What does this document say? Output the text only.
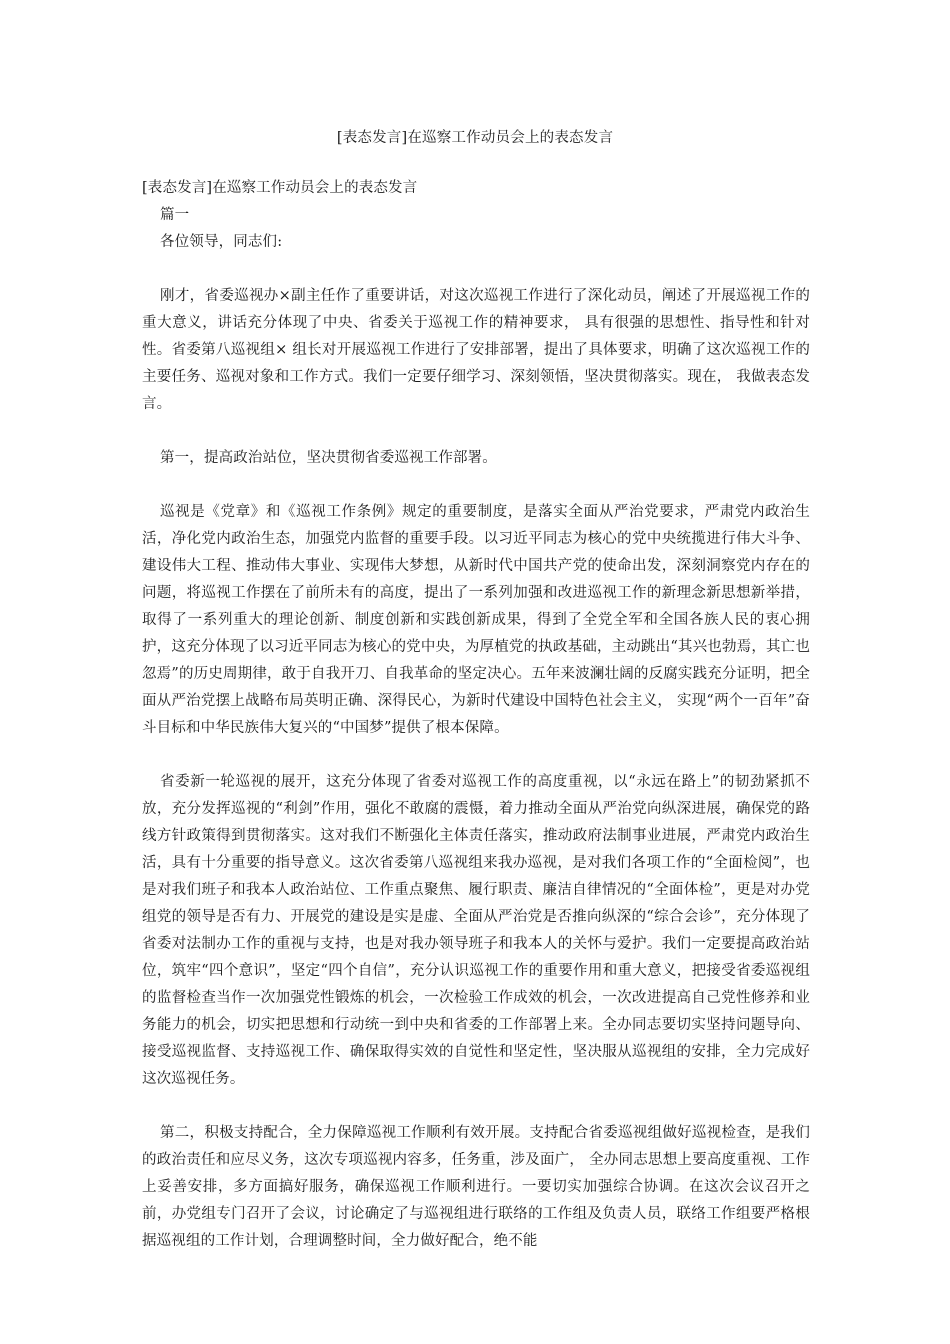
[表态发言]在巡察工作动员会上的表态发言

[表态发言]在巡察工作动员会上的表态发言

篇一

各位领导，同志们:

刚才，省委巡视办×副主任作了重要讲话，对这次巡视工作进行了深化动员，阐述了开展巡视工作的重大意义，讲话充分体现了中央、省委关于巡视工作的精神要求， 具有很强的思想性、指导性和针对性。省委第八巡视组× 组长对开展巡视工作进行了安排部署，提出了具体要求，明确了这次巡视工作的主要任务、巡视对象和工作方式。我们一定要仔细学习、深刻领悟，坚决贯彻落实。现在， 我做表态发言。

第一，提高政治站位，坚决贯彻省委巡视工作部署。

巡视是《党章》和《巡视工作条例》规定的重要制度，是落实全面从严治党要求，严肃党内政治生活，净化党内政治生态，加强党内监督的重要手段。以习近平同志为核心的党中央统揽进行伟大斗争、建设伟大工程、推动伟大事业、实现伟大梦想，从新时代中国共产党的使命出发，深刻洞察党内存在的问题，将巡视工作摆在了前所未有的高度，提出了一系列加强和改进巡视工作的新理念新思想新举措，取得了一系列重大的理论创新、制度创新和实践创新成果，得到了全党全军和全国各族人民的衷心拥护，这充分体现了以习近平同志为核心的党中央，为厚植党的执政基础，主动跳出“其兴也勃焉，其亡也忽焉”的历史周期律，敢于自我开刀、自我革命的坚定决心。五年来波澜壮阔的反腐实践充分证明，把全面从严治党摆上战略布局英明正确、深得民心，为新时代建设中国特色社会主义， 实现“两个一百年”奋斗目标和中华民族伟大复兴的“中国梦”提供了根本保障。

省委新一轮巡视的展开，这充分体现了省委对巡视工作的高度重视，以“永远在路上”的韧劲紧抓不放，充分发挥巡视的“利剑”作用，强化不敢腐的震慑，着力推动全面从严治党向纵深进展，确保党的路线方针政策得到贯彻落实。这对我们不断强化主体责任落实，推动政府法制事业进展，严肃党内政治生活，具有十分重要的指导意义。这次省委第八巡视组来我办巡视，是对我们各项工作的“全面检阅”，也是对我们班子和我本人政治站位、工作重点聚焦、履行职责、廉洁自律情况的“全面体检”，更是对办党组党的领导是否有力、开展党的建设是实是虚、全面从严治党是否推向纵深的“综合会诊”，充分体现了省委对法制办工作的重视与支持，也是对我办领导班子和我本人的关怀与爱护。我们一定要提高政治站位，筑牢“四个意识”，坚定“四个自信”，充分认识巡视工作的重要作用和重大意义，把接受省委巡视组的监督检查当作一次加强党性锻炼的机会，一次检验工作成效的机会，一次改进提高自己党性修养和业务能力的机会，切实把思想和行动统一到中央和省委的工作部署上来。全办同志要切实坚持问题导向、接受巡视监督、支持巡视工作、确保取得实效的自觉性和坚定性，坚决服从巡视组的安排，全力完成好这次巡视任务。

第二，积极支持配合，全力保障巡视工作顺利有效开展。支持配合省委巡视组做好巡视检查，是我们的政治责任和应尽义务，这次专项巡视内容多，任务重，涉及面广， 全办同志思想上要高度重视、工作上妥善安排，多方面搞好服务，确保巡视工作顺利进行。一要切实加强综合协调。在这次会议召开之前，办党组专门召开了会议，讨论确定了与巡视组进行联络的工作组及负责人员，联络工作组要严格根据巡视组的工作计划，合理调整时间，全力做好配合，绝不能
